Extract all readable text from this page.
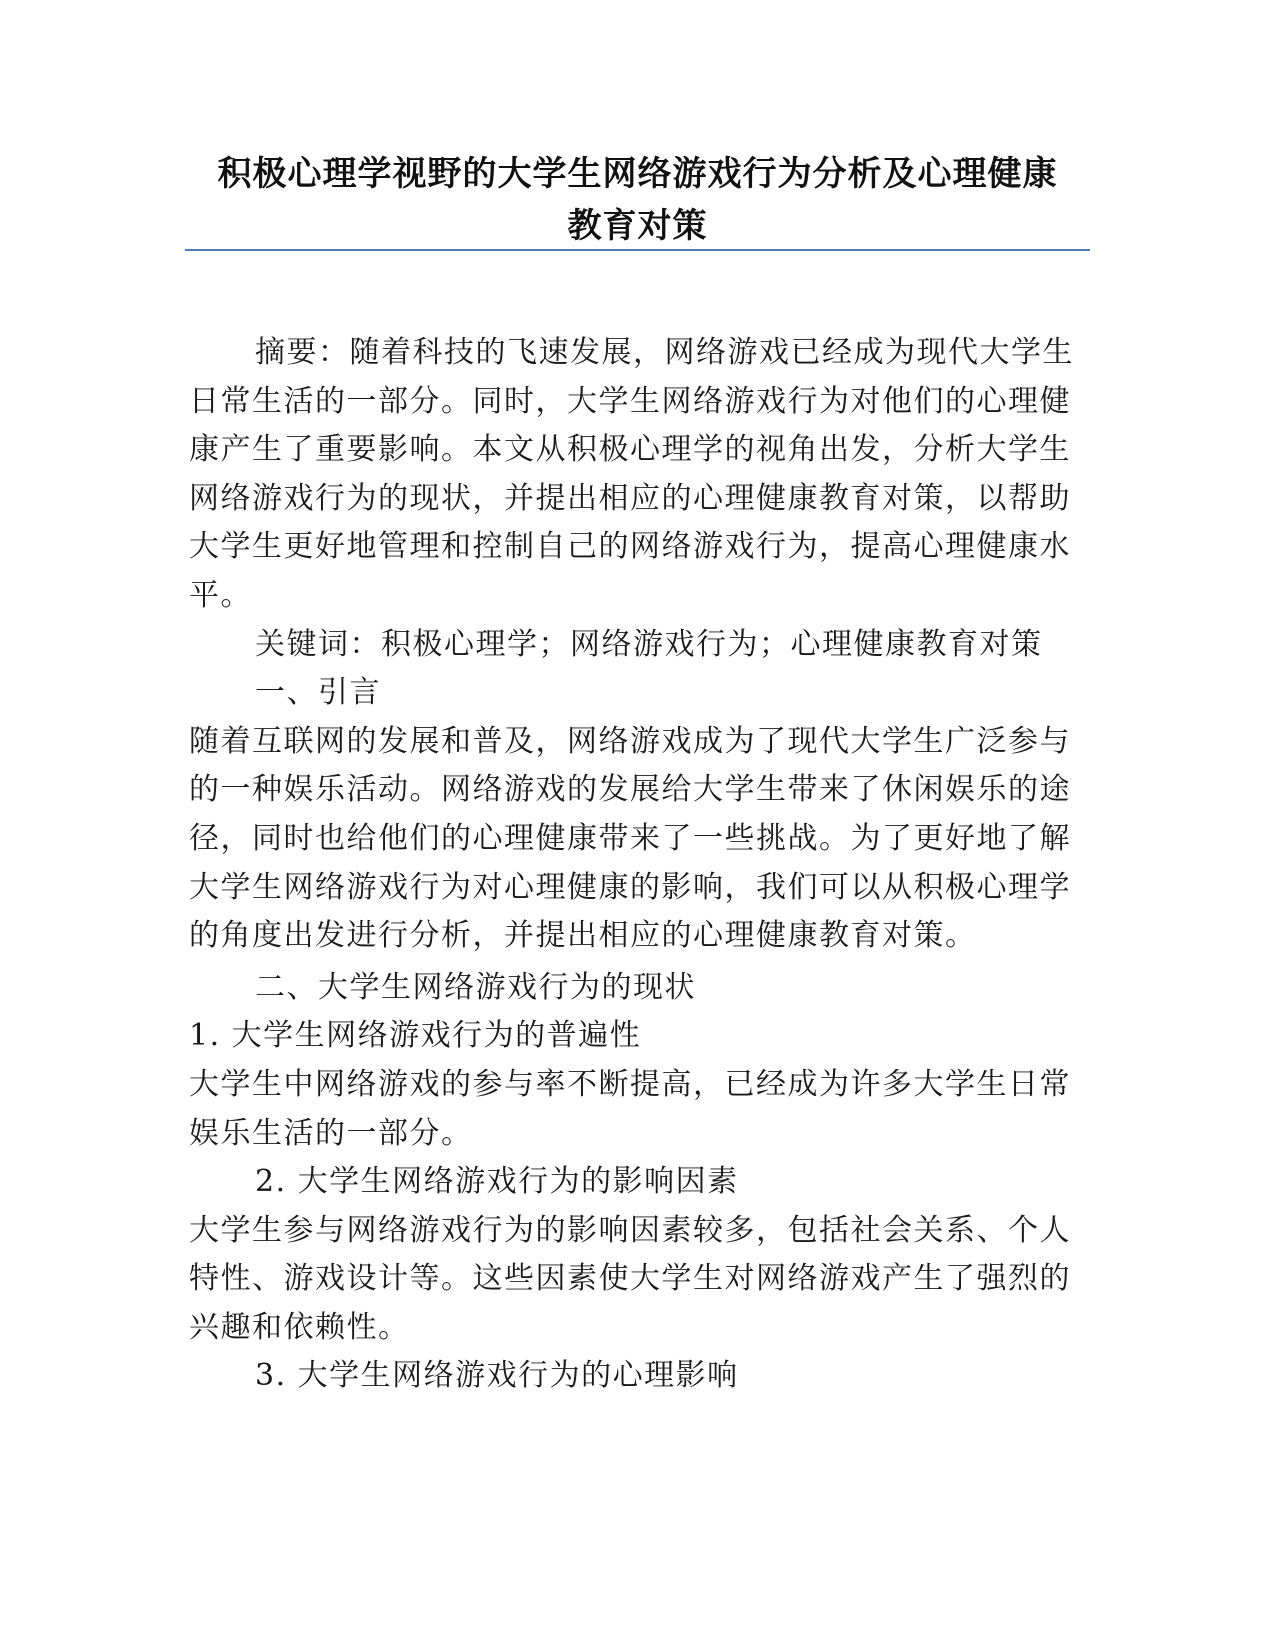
积极心理学视野的大学生网络游戏行为分析及心理健康
教育对策

摘要：随着科技的飞速发展，网络游戏已经成为现代大学生日常生活的一部分。同时，大学生网络游戏行为对他们的心理健康产生了重要影响。本文从积极心理学的视角出发，分析大学生网络游戏行为的现状，并提出相应的心理健康教育对策，以帮助大学生更好地管理和控制自己的网络游戏行为，提高心理健康水平。

关键词：积极心理学；网络游戏行为；心理健康教育对策

一、引言

随着互联网的发展和普及，网络游戏成为了现代大学生广泛参与的一种娱乐活动。网络游戏的发展给大学生带来了休闲娱乐的途径，同时也给他们的心理健康带来了一些挑战。为了更好地了解大学生网络游戏行为对心理健康的影响，我们可以从积极心理学的角度出发进行分析，并提出相应的心理健康教育对策。

二、大学生网络游戏行为的现状

1. 大学生网络游戏行为的普遍性

大学生中网络游戏的参与率不断提高，已经成为许多大学生日常娱乐生活的一部分。

2. 大学生网络游戏行为的影响因素

大学生参与网络游戏行为的影响因素较多，包括社会关系、个人特性、游戏设计等。这些因素使大学生对网络游戏产生了强烈的兴趣和依赖性。

3. 大学生网络游戏行为的心理影响
